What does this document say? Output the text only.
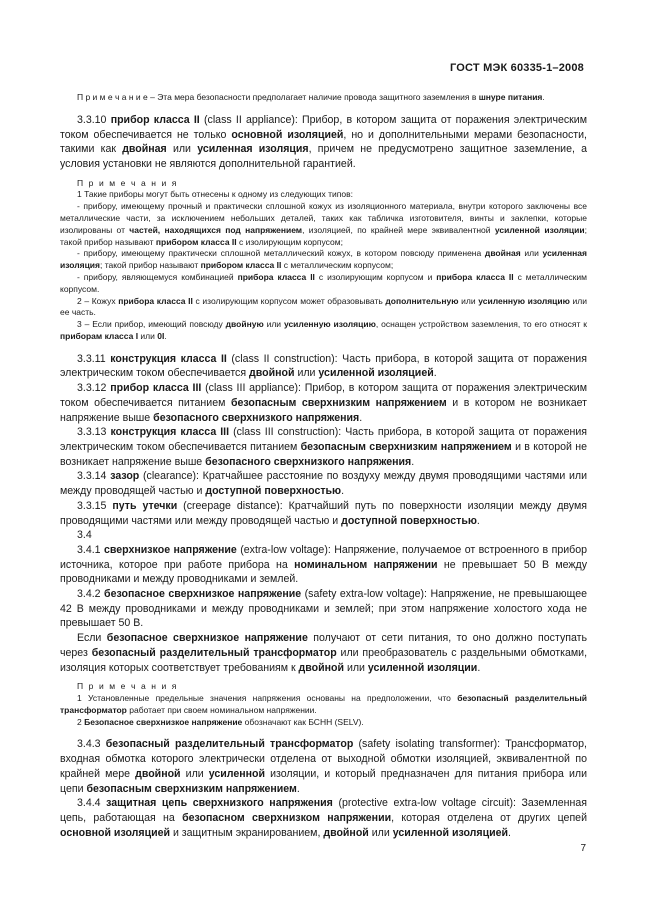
ГОСТ МЭК 60335-1–2008

П р и м е ч а н и е – Эта мера безопасности предполагает наличие провода защитного заземления в шнуре питания.

3.3.10 прибор класса II (class II appliance): Прибор, в котором защита от поражения электрическим током обеспечивается не только основной изоляцией, но и дополнительными мерами безопасности, такими как двойная или усиленная изоляция, причем не предусмотрено защитное заземление, а условия установки не являются дополнительной гарантией.

П р и м е ч а н и я

1 Такие приборы могут быть отнесены к одному из следующих типов:

- прибору, имеющему прочный и практически сплошной кожух из изоляционного материала, внутри которого заключены все металлические части, за исключением небольших деталей, таких как табличка изготовителя, винты и заклепки, которые изолированы от частей, находящихся под напряжением, изоляцией, по крайней мере эквивалентной усиленной изоляции; такой прибор называют прибором класса II с изолирующим корпусом;

- прибору, имеющему практически сплошной металлический кожух, в котором повсюду применена двойная или усиленная изоляция; такой прибор называют прибором класса II с металлическим корпусом;

- прибору, являющемуся комбинацией прибора класса II с изолирующим корпусом и прибора класса II с металлическим корпусом.

2 – Кожух прибора класса II с изолирующим корпусом может образовывать дополнительную или усиленную изоляцию или ее часть.

3 – Если прибор, имеющий повсюду двойную или усиленную изоляцию, оснащен устройством заземления, то его относят к приборам класса I или 0I.

3.3.11 конструкция класса II (class II construction): Часть прибора, в которой защита от поражения электрическим током обеспечивается двойной или усиленной изоляцией.

3.3.12 прибор класса III (class III appliance): Прибор, в котором защита от поражения электрическим током обеспечивается питанием безопасным сверхнизким напряжением и в котором не возникает напряжение выше безопасного сверхнизкого напряжения.

3.3.13 конструкция класса III (class III construction): Часть прибора, в которой защита от поражения электрическим током обеспечивается питанием безопасным сверхнизким напряжением и в которой не возникает напряжение выше безопасного сверхнизкого напряжения.

3.3.14 зазор (clearance): Кратчайшее расстояние по воздуху между двумя проводящими частями или между проводящей частью и доступной поверхностью.

3.3.15 путь утечки (creepage distance): Кратчайший путь по поверхности изоляции между двумя проводящими частями или между проводящей частью и доступной поверхностью.

3.4

3.4.1 сверхнизкое напряжение (extra-low voltage): Напряжение, получаемое от встроенного в прибор источника, которое при работе прибора на номинальном напряжении не превышает 50 В между проводниками и между проводниками и землей.

3.4.2 безопасное сверхнизкое напряжение (safety extra-low voltage): Напряжение, не превышающее 42 В между проводниками и между проводниками и землей; при этом напряжение холостого хода не превышает 50 В.

Если безопасное сверхнизкое напряжение получают от сети питания, то оно должно поступать через безопасный разделительный трансформатор или преобразователь с раздельными обмотками, изоляция которых соответствует требованиям к двойной или усиленной изоляции.

П р и м е ч а н и я

1 Установленные предельные значения напряжения основаны на предположении, что безопасный разделительный трансформатор работает при своем номинальном напряжении.

2 Безопасное сверхнизкое напряжение обозначают как БСНН (SELV).

3.4.3 безопасный разделительный трансформатор (safety isolating transformer): Трансформатор, входная обмотка которого электрически отделена от выходной обмотки изоляцией, эквивалентной по крайней мере двойной или усиленной изоляции, и который предназначен для питания прибора или цепи безопасным сверхнизким напряжением.

3.4.4 защитная цепь сверхнизкого напряжения (protective extra-low voltage circuit): Заземленная цепь, работающая на безопасном сверхнизком напряжении, которая отделена от других цепей основной изоляцией и защитным экранированием, двойной или усиленной изоляцией.

7
